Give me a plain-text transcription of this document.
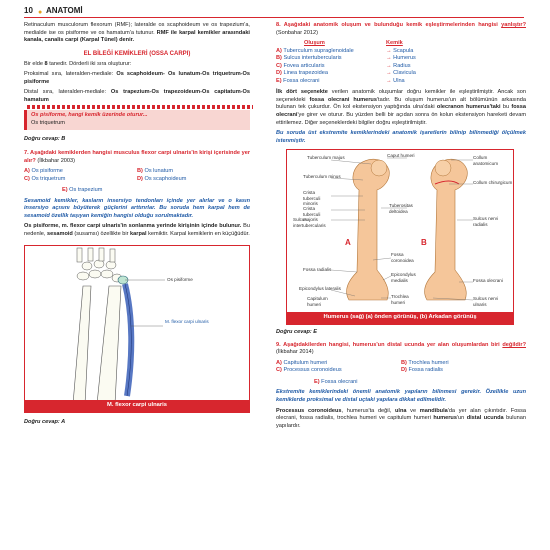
10 ● ANATOMİ

Retinaculum musculorum flexorum (RMF); lateralde os scaphoideum ve os trapezium'a, medialde ise os pisiforme ve os hamatum'a tutunur. RMF ile karpal kemikler arasındaki kanala, canalis carpi (Karpal Tünel) denir.

EL BİLEĞİ KEMİKLERİ (OSSA CARPI)

Bir elde 8 tanedir. Dörderli iki sıra oluşturur:

Proksimal sıra, lateralden-mediale: Os scaphoideum- Os lunatum-Os triquetrum-Os pisiforme

Distal sıra, lateralden-mediale: Os trapezium-Os trapezoideum-Os capitatum-Os hamatum

Os pisiforme, hangi kemik üzerinde oturur...
Os triquetrum
Doğru cevap: B

7. Aşağıdaki kemiklerden hangisi musculus flexor carpi ulnaris'in kirişi içerisinde yer alır? (İlkbahar 2003)

A) Os pisiforme	B) Os lunatum
C) Os triquetrum	D) Os scaphoideum
E) Os trapezium

Sesamoid kemikler, kasların insersiyo tendonları içinde yer alırlar ve o kasın insersiyo açısını büyüterek güçlerini arttırırlar. Bu soruda hem karpal hem de sesamoid özellik taşıyan kemiğin hangisi olduğu sorulmaktadır.

Os pisiforme, m. flexor carpi ulnaris'in sonlanma yerinde kirişinin içinde bulunur. Bu nedenle, sesamoid (susamsı) özellikte bir karpal kemiktir. Karpal kemiklerin en küçüğüdür.

M. flexor carpi ulnaris
Os pisiforme
M. flexor carpi ulnaris
Doğru cevap: A

8. Aşağıdaki anatomik oluşum ve bulunduğu kemik eşleştirmelerinden hangisi yanlıştır? (Sonbahar 2012)

Oluşum	Kemik
A) Tuberculum supraglenoidale	→ Scapula
B) Sulcus intertubercularis	→ Humerus
C) Fovea articularis	→ Radius
D) Linea trapezoidea	→ Clavicula
E) Fossa olecrani	→ Ulna

İlk dört seçenekte verilen anatomik oluşumlar doğru kemikler ile eşleştirilmiştir. Ancak son seçenekteki fossa olecrani humerus'tadır. Bu oluşum humerus'un alt bölümünün arkasında bulunan tek çukurdur. Ön kol ekstensiyon yaptığında ulna'daki olecranon humerus'taki bu fossa olecrani'ye girer ve oturur. Bu yüzden belli bir açıdan sonra ön kolun ekstensiyon hareketi devam ettirilemez. Diğer seçeneklerdeki bilgiler doğru eşleştirilmiştir.

Bu soruda üst ekstremite kemiklerindeki anatomik işaretlerin bilinip bilinmediği ölçülmek istenmiştir.

Tuberculum majus	Caput humeri	Collum anatomicum
Tuberculum minus
Collum chirurgicum
Crista tuberculi minoris
Crista tuberculi majoris
Sulcus intertubercularis
Tuberositas deltoidea
Sulcus nervi radialis
Fossa coronoidea
Fossa radialis
Epicondylus medialis	Fossa olecrani
Epicondylus lateralis
Capitulum humeri
Trochlea humeri
Sulcus nervi ulnaris
A	B
Humerus (sağ) (a) önden görünüş, (b) Arkadan görünüş
Doğru cevap: E

9. Aşağıdakilerden hangisi, humerus'un distal ucunda yer alan oluşumlardan biri değildir? (İlkbahar 2014)

A) Capitulum humeri	B) Trochlea humeri
C) Processus coronoideus	D) Fossa radialis
E) Fossa olecrani

Ekstremite kemiklerindeki önemli anatomik yapıların bilinmesi gerekir. Özellikle uzun kemiklerde proksimal ve distal uçtaki yapılara dikkat edilmelidir.

Processus coronoideus, humerus'ta değil, ulna ve mandibula'da yer alan çıkıntıdır. Fossa olecrani, fossa radialis, trochlea humeri ve capitulum humeri humerus'un distal ucunda bulunan yapılardır.
